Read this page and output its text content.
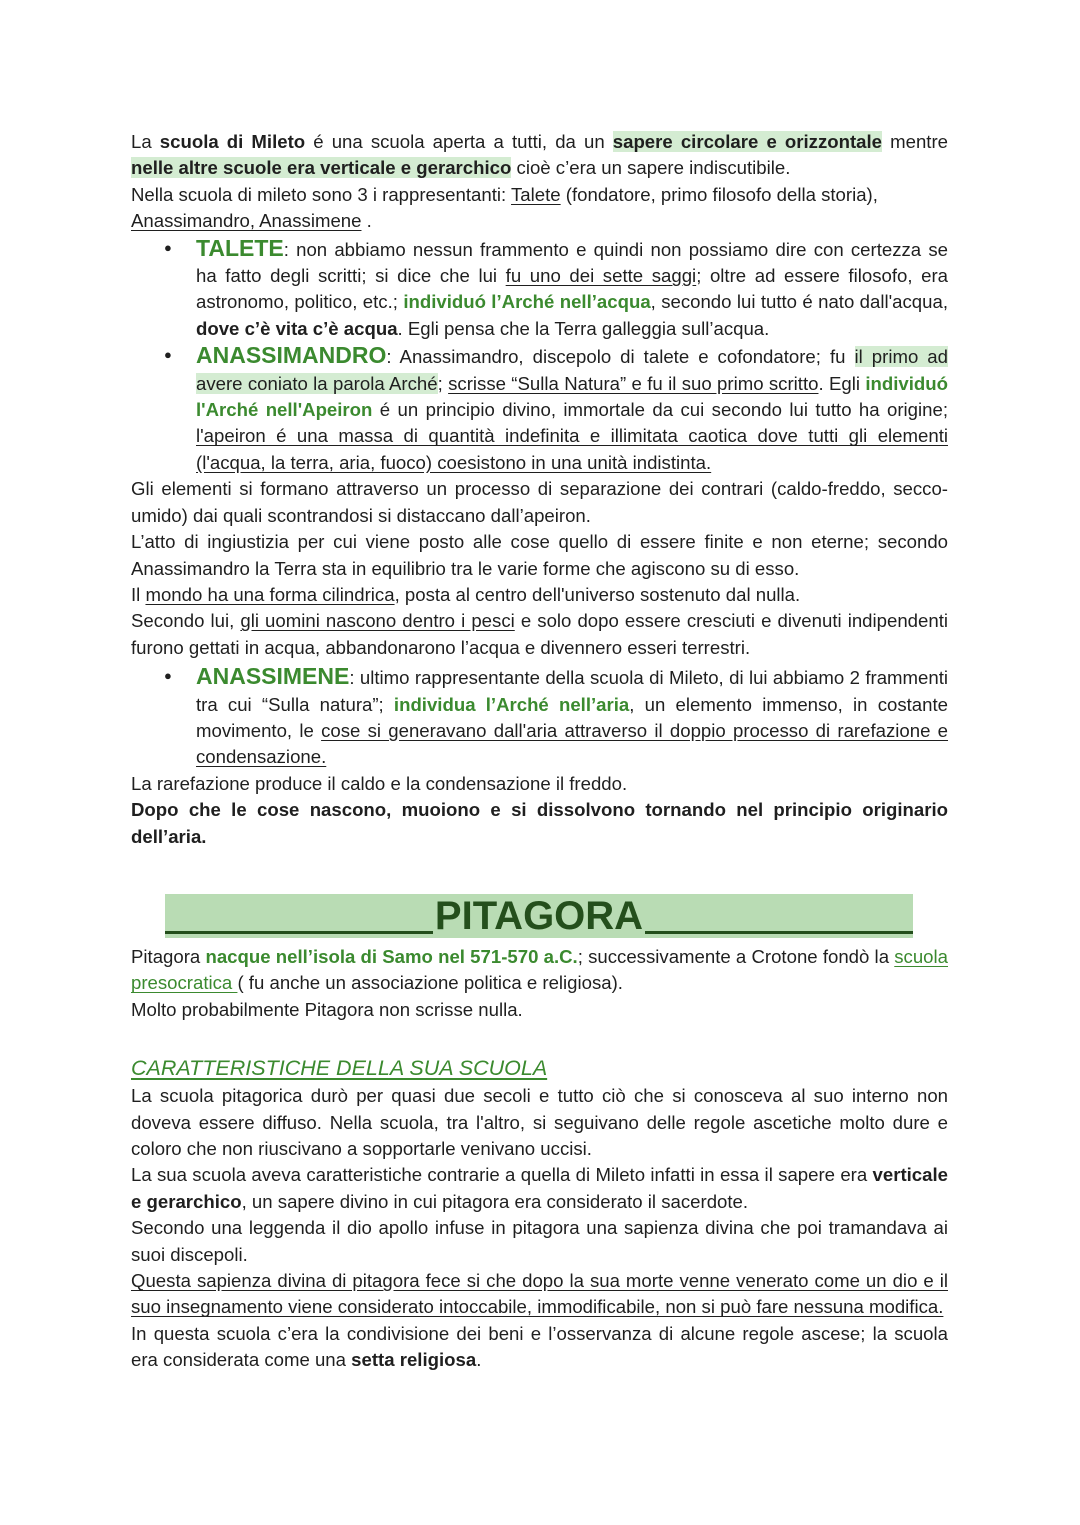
La scuola di Mileto é una scuola aperta a tutti, da un sapere circolare e orizzontale mentre nelle altre scuole era verticale e gerarchico cioè c’era un sapere indiscutibile.

Nella scuola di mileto sono 3 i rappresentanti: Talete (fondatore, primo filosofo della storia), Anassimandro, Anassimene .

● TALETE: non abbiamo nessun frammento e quindi non possiamo dire con certezza se ha fatto degli scritti; si dice che lui fu uno dei sette saggi; oltre ad essere filosofo, era astronomo, politico, etc.; individuó l’Arché nell’acqua, secondo lui tutto é nato dall'acqua, dove c’è vita c’è acqua. Egli pensa che la Terra galleggia sull’acqua.
● ANASSIMANDRO: Anassimandro, discepolo di talete e cofondatore; fu il primo ad avere coniato la parola Arché; scrisse “Sulla Natura” e fu il suo primo scritto. Egli individuó l'Arché nell'Apeiron é un principio divino, immortale da cui secondo lui tutto ha origine; l'apeiron é una massa di quantità indefinita e illimitata caotica dove tutti gli elementi (l'acqua, la terra, aria, fuoco) coesistono in una unità indistinta.

Gli elementi si formano attraverso un processo di separazione dei contrari (caldo-freddo, secco-umido) dai quali scontrandosi si distaccano dall’apeiron.

L’atto di ingiustizia per cui viene posto alle cose quello di essere finite e non eterne; secondo Anassimandro la Terra sta in equilibrio tra le varie forme che agiscono su di esso.

Il mondo ha una forma cilindrica, posta al centro dell'universo sostenuto dal nulla.

Secondo lui, gli uomini nascono dentro i pesci e solo dopo essere cresciuti e divenuti indipendenti furono gettati in acqua, abbandonarono l’acqua e divennero esseri terrestri.

● ANASSIMENE: ultimo rappresentante della scuola di Mileto, di lui abbiamo 2 frammenti tra cui “Sulla natura”; individua l’Arché nell’aria, un elemento immenso, in costante movimento, le cose si generavano dall'aria attraverso il doppio processo di rarefazione e condensazione.

La rarefazione produce il caldo e la condensazione il freddo.

Dopo che le cose nascono, muoiono e si dissolvono tornando nel principio originario dell’aria.

PITAGORA

Pitagora nacque nell’isola di Samo nel 571-570 a.C.; successivamente a Crotone fondò la scuola presocratica ( fu anche un associazione politica e religiosa).

Molto probabilmente Pitagora non scrisse nulla.

CARATTERISTICHE DELLA SUA SCUOLA

La scuola pitagorica durò per quasi due secoli e tutto ciò che si conosceva al suo interno non doveva essere diffuso. Nella scuola, tra l'altro, si seguivano delle regole ascetiche molto dure e coloro che non riuscivano a sopportarle venivano uccisi.

La sua scuola aveva caratteristiche contrarie a quella di Mileto infatti in essa il sapere era verticale e gerarchico, un sapere divino in cui pitagora era considerato il sacerdote.

Secondo una leggenda il dio apollo infuse in pitagora una sapienza divina che poi tramandava ai suoi discepoli.

Questa sapienza divina di pitagora fece si che dopo la sua morte venne venerato come un dio e il suo insegnamento viene considerato intoccabile, immodificabile, non si può fare nessuna modifica.

In questa scuola c’era la condivisione dei beni e l’osservanza di alcune regole ascese; la scuola era considerata come una setta religiosa.
